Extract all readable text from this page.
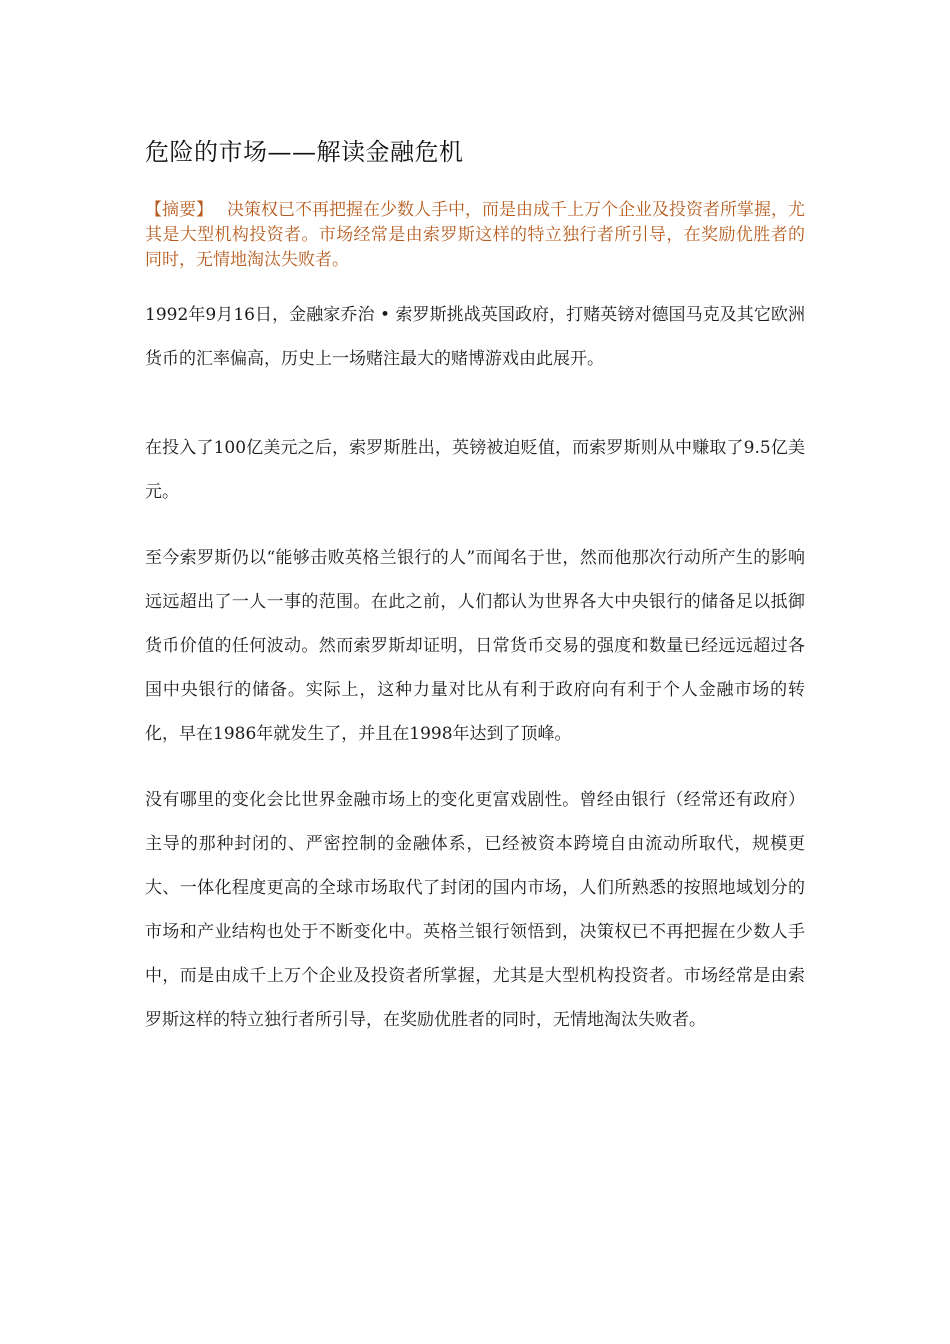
危险的市场——解读金融危机

【摘要】 决策权已不再把握在少数人手中，而是由成千上万个企业及投资者所掌握，尤其是大型机构投资者。市场经常是由索罗斯这样的特立独行者所引导，在奖励优胜者的同时，无情地淘汰失败者。

1992年9月16日，金融家乔治 • 索罗斯挑战英国政府，打赌英镑对德国马克及其它欧洲货币的汇率偏高，历史上一场赌注最大的赌博游戏由此展开。

在投入了100亿美元之后，索罗斯胜出，英镑被迫贬值，而索罗斯则从中赚取了9.5亿美元。

至今索罗斯仍以“能够击败英格兰银行的人”而闻名于世，然而他那次行动所产生的影响远远超出了一人一事的范围。在此之前，人们都认为世界各大中央银行的储备足以抵御货币价值的任何波动。然而索罗斯却证明，日常货币交易的强度和数量已经远远超过各国中央银行的储备。实际上，这种力量对比从有利于政府向有利于个人金融市场的转化，早在1986年就发生了，并且在1998年达到了顶峰。

没有哪里的变化会比世界金融市场上的变化更富戏剧性。曾经由银行（经常还有政府）主导的那种封闭的、严密控制的金融体系，已经被资本跨境自由流动所取代，规模更大、一体化程度更高的全球市场取代了封闭的国内市场，人们所熟悉的按照地域划分的市场和产业结构也处于不断变化中。英格兰银行领悟到，决策权已不再把握在少数人手中，而是由成千上万个企业及投资者所掌握，尤其是大型机构投资者。市场经常是由索罗斯这样的特立独行者所引导，在奖励优胜者的同时，无情地淘汰失败者。
